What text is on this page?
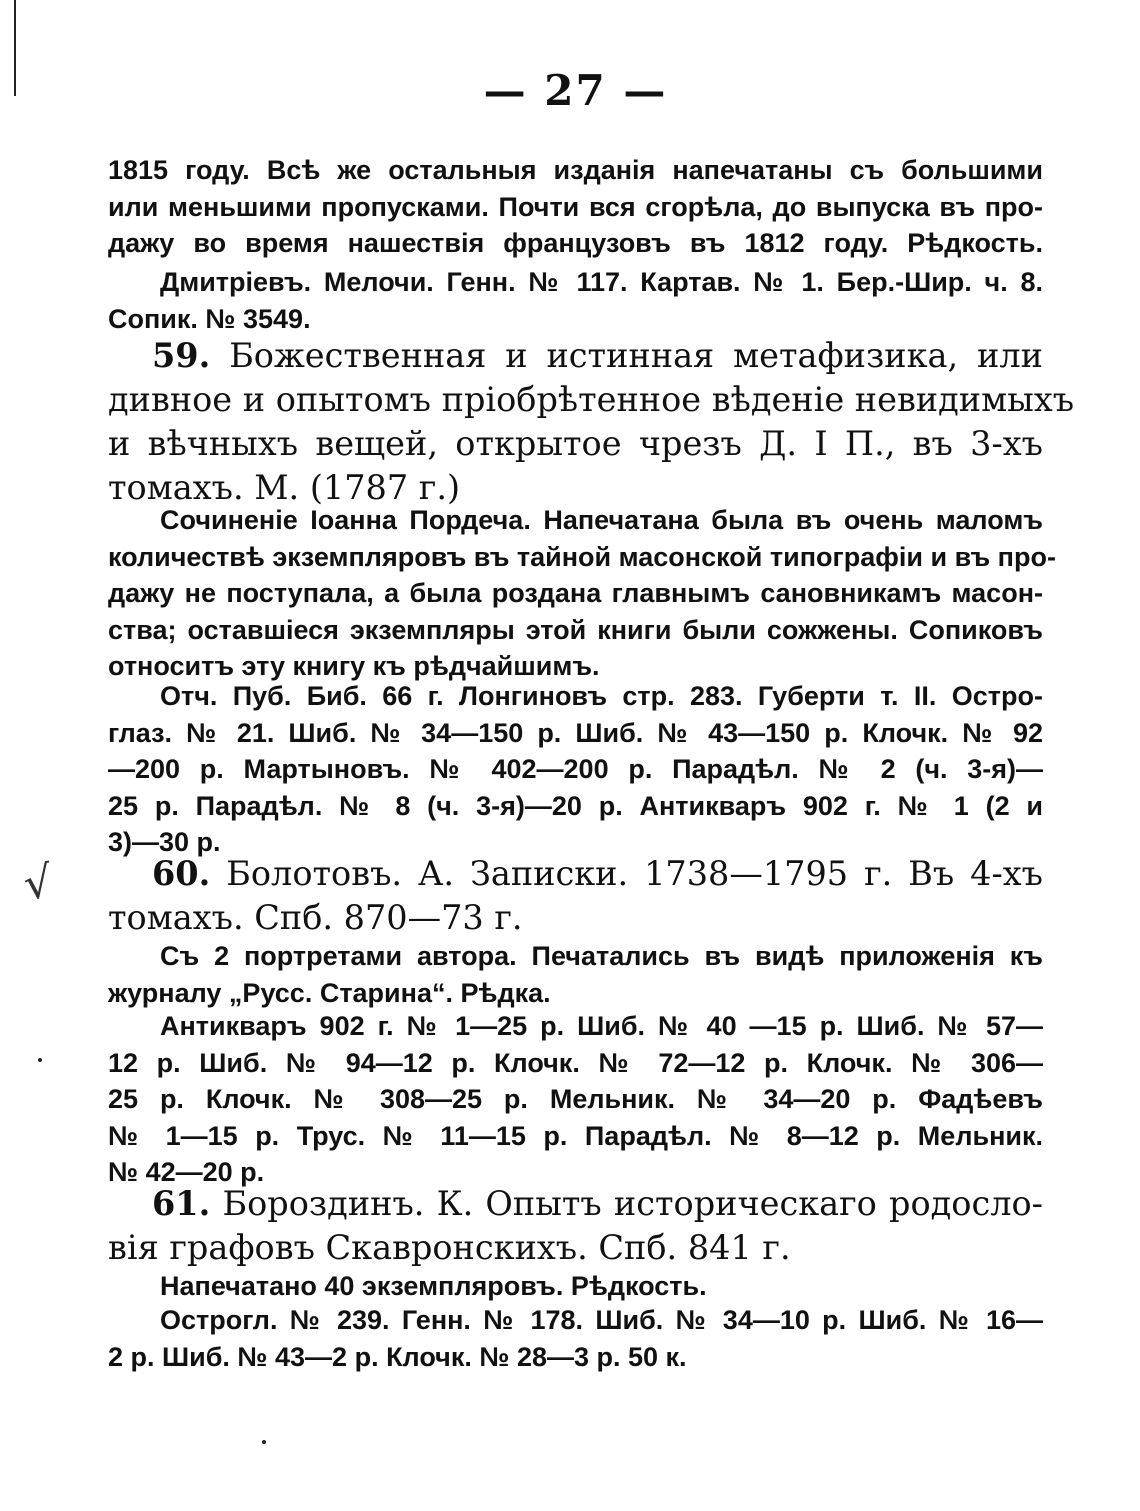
√
— 27 —
1815 году. Всѣ же остальныя изданія напечатаны съ большими
или меньшими пропусками. Почти вся сгорѣла, до выпуска въ про-
дажу во время нашествія французовъ въ 1812 году. Рѣдкость.
Дмитріевъ. Мелочи. Генн. № 117. Картав. № 1. Бер.-Шир. ч. 8.
Сопик. № 3549.
59. Божественная и истинная метафизика, или
дивное и опытомъ пріобрѣтенное вѣденіе невидимыхъ
и вѣчныхъ вещей, открытое чрезъ Д. I П., въ 3-хъ
томахъ. М. (1787 г.)
Сочиненіе Іоанна Пордеча. Напечатана была въ очень маломъ
количествѣ экземпляровъ въ тайной масонской типографіи и въ про-
дажу не поступала, а была роздана главнымъ сановникамъ масон-
ства; оставшіеся экземпляры этой книги были сожжены. Сопиковъ
относитъ эту книгу къ рѣдчайшимъ.
Отч. Пуб. Биб. 66 г. Лонгиновъ стр. 283. Губерти т. II. Остро-
глаз. № 21. Шиб. № 34—150 р. Шиб. № 43—150 р. Клочк. № 92
—200 р. Мартыновъ. № 402—200 р. Парадѣл. № 2 (ч. 3-я)—
25 р. Парадѣл. № 8 (ч. 3-я)—20 р. Антикваръ 902 г. № 1 (2 и
3)—30 р.
60. Болотовъ. А. Записки. 1738—1795 г. Въ 4-хъ
томахъ. Спб. 870—73 г.
Съ 2 портретами автора. Печатались въ видѣ приложенія къ
журналу „Русс. Старина“. Рѣдка.
Антикваръ 902 г. № 1—25 р. Шиб. № 40 —15 р. Шиб. № 57—
12 р. Шиб. № 94—12 р. Клочк. № 72—12 р. Клочк. № 306—
25 р. Клочк. № 308—25 р. Мельник. № 34—20 р. Фадѣевъ
№ 1—15 р. Трус. № 11—15 р. Парадѣл. № 8—12 р. Мельник.
№ 42—20 р.
61. Бороздинъ. К. Опытъ историческаго родосло-
вія графовъ Скавронскихъ. Спб. 841 г.
Напечатано 40 экземпляровъ. Рѣдкость.
Острогл. № 239. Генн. № 178. Шиб. № 34—10 р. Шиб. № 16—
2 р. Шиб. № 43—2 р. Клочк. № 28—3 р. 50 к.
